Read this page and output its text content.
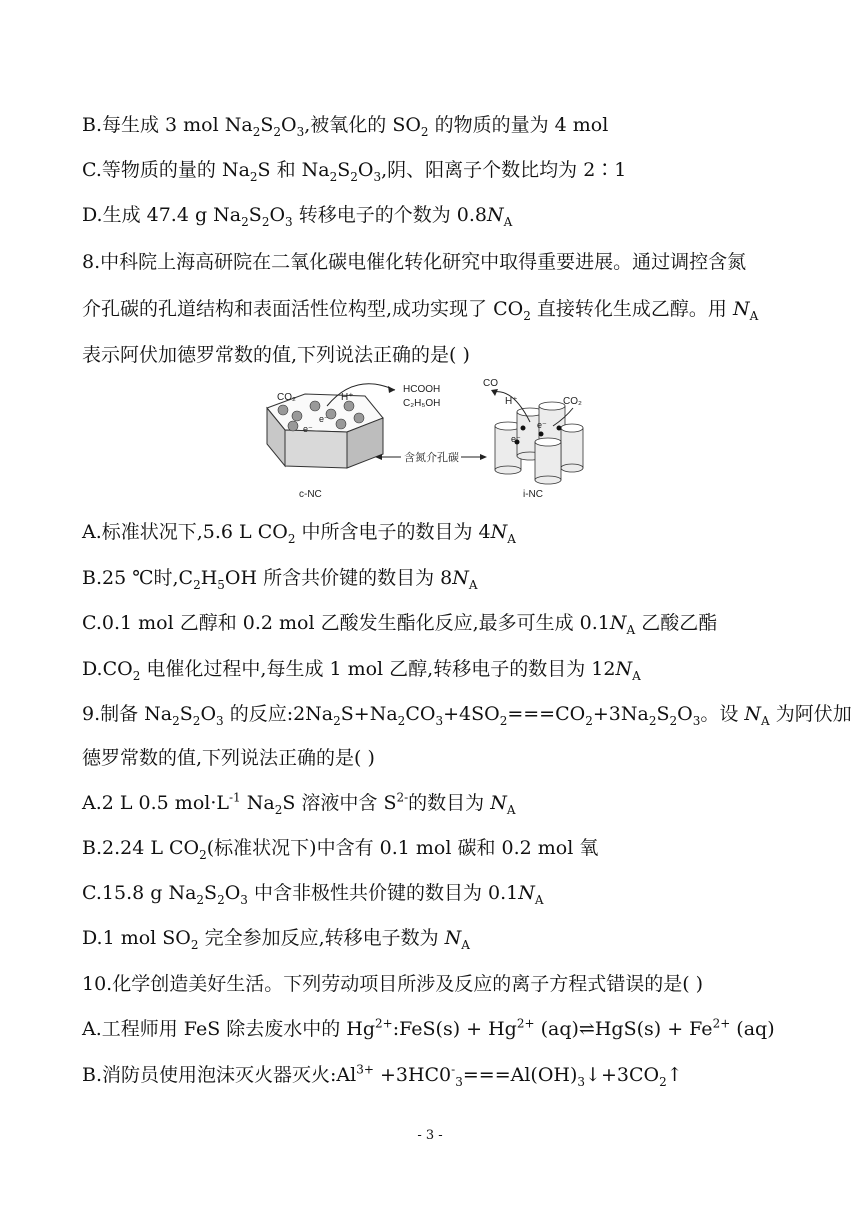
B.每生成 3 mol $Na_2S_2O_3$,被氧化的 $SO_2$ 的物质的量为 4 mol
C.等物质的量的 $Na_2S$ 和 $Na_2S_2O_3$,阴、阳离子个数比均为 2∶1
D.生成 47.4 g $Na_2S_2O_3$ 转移电子的个数为 $0.8N_A$
8.中科院上海高研院在二氧化碳电催化转化研究中取得重要进展。通过调控含氮
介孔碳的孔道结构和表面活性位构型,成功实现了 $CO_2$ 直接转化生成乙醇。用 $N_A$
表示阿伏加德罗常数的值,下列说法正确的是( )
e⁻
e⁻
CO₂	H⁺
HCOOH
C₂H₅OH
c-NC
含氮介孔碳
e⁻
e⁻
CO
H⁺	CO₂
i-NC
A.标准状况下,5.6 L $CO_2$ 中所含电子的数目为 $4N_A$
B.25 ℃时$,C_2H_5OH$ 所含共价键的数目为 $8N_A$
C.0.1 mol 乙醇和 0.2 mol 乙酸发生酯化反应,最多可生成 $0.1N_A$ 乙酸乙酯
$D.CO_2$ 电催化过程中,每生成 1 mol 乙醇,转移电子的数目为 $12N_A$
9.制备 $Na_2S_2O_3$ 的反应$:2Na_2S+Na_2CO_3+4SO_2===CO_2+3Na_2S_2O_3$。设 $N_A$ 为阿伏加
德罗常数的值,下列说法正确的是( )
A.2 L 0.5 $mol\cdot L^{-1}$ $Na_2S$ 溶液中含 $S^{2-}$的数目为 $N_A$
B.2.24 L $CO_2$(标准状况下)中含有 0.1 mol 碳和 0.2 mol 氧
C.15.8 g $Na_2S_2O_3$ 中含非极性共价键的数目为 $0.1N_A$
D.1 mol $SO_2$ 完全参加反应,转移电子数为 $N_A$
10.化学创造美好生活。下列劳动项目所涉及反应的离子方程式错误的是( )
A.工程师用 FeS 除去废水中的 $Hg^{2+}:FeS(s) + Hg^{2+}$ (aq)⇌HgS(s) + $Fe^{2+}$ (aq)
B.消防员使用泡沫灭火器灭火$:Al^{3+}$ $+3HC0^-_3===Al(OH)_3↓+3CO_2↑$
- 3 -
